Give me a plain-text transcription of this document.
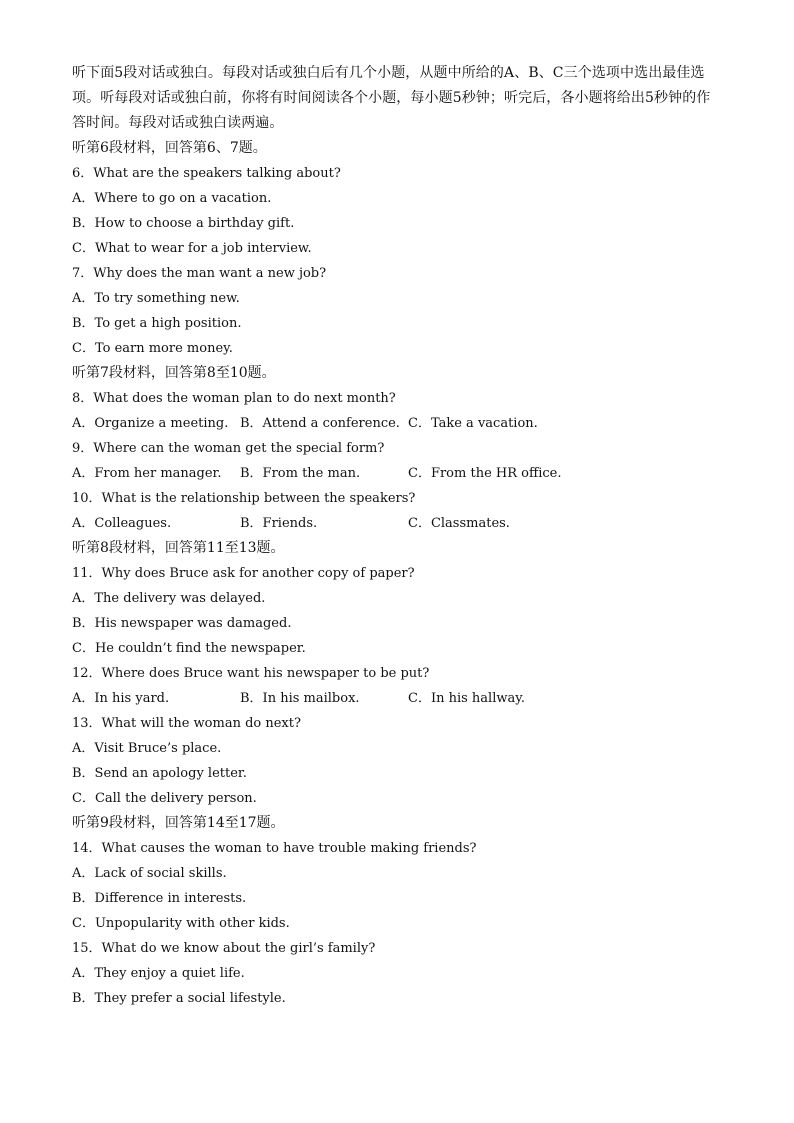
听下面5段对话或独白。每段对话或独白后有几个小题，从题中所给的A、B、C三个选项中选出最佳选项。听每段对话或独白前，你将有时间阅读各个小题，每小题5秒钟；听完后，各小题将给出5秒钟的作答时间。每段对话或独白读两遍。

听第6段材料，回答第6、7题。

6．What are the speakers talking about?

A．Where to go on a vacation.

B．How to choose a birthday gift.

C．What to wear for a job interview.

7．Why does the man want a new job?

A．To try something new.

B．To get a high position.

C．To earn more money.

听第7段材料，回答第8至10题。

8．What does the woman plan to do next month?

A．Organize a meeting. B．Attend a conference. C．Take a vacation.

9．Where can the woman get the special form?

A．From her manager.	B．From the man.	C．From the HR office.

10．What is the relationship between the speakers?

A．Colleagues.	B．Friends.	C．Classmates.

听第8段材料，回答第11至13题。

11．Why does Bruce ask for another copy of paper?

A．The delivery was delayed.

B．His newspaper was damaged.

C．He couldn’t find the newspaper.

12．Where does Bruce want his newspaper to be put?

A．In his yard.	B．In his mailbox.	C．In his hallway.

13．What will the woman do next?

A．Visit Bruce’s place.

B．Send an apology letter.

C．Call the delivery person.

听第9段材料，回答第14至17题。

14．What causes the woman to have trouble making friends?

A．Lack of social skills.

B．Difference in interests.

C．Unpopularity with other kids.

15．What do we know about the girl’s family?

A．They enjoy a quiet life.

B．They prefer a social lifestyle.
